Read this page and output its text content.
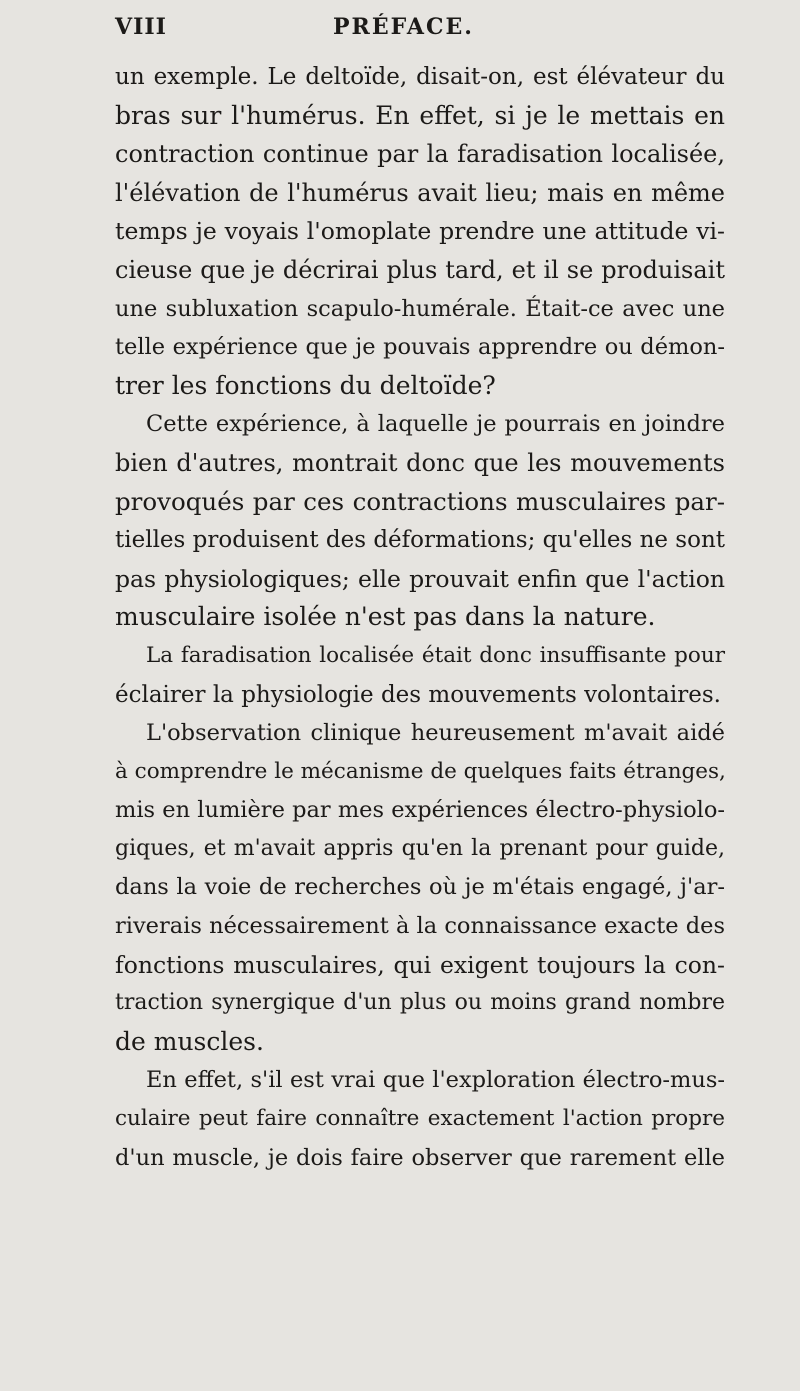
VIII	PRÉFACE.
un exemple. Le deltoïde, disait-on, est élévateur du
bras sur l'humérus. En effet, si je le mettais en
contraction continue par la faradisation localisée,
l'élévation de l'humérus avait lieu; mais en même
temps je voyais l'omoplate prendre une attitude vi-
cieuse que je décrirai plus tard, et il se produisait
une subluxation scapulo-humérale. Était-ce avec une
telle expérience que je pouvais apprendre ou démon-
trer les fonctions du deltoïde?
Cette expérience, à laquelle je pourrais en joindre
bien d'autres, montrait donc que les mouvements
provoqués par ces contractions musculaires par-
tielles produisent des déformations; qu'elles ne sont
pas physiologiques; elle prouvait enfin que l'action
musculaire isolée n'est pas dans la nature.
La faradisation localisée était donc insuffisante pour
éclairer la physiologie des mouvements volontaires.
L'observation clinique heureusement m'avait aidé
à comprendre le mécanisme de quelques faits étranges,
mis en lumière par mes expériences électro-physiolo-
giques, et m'avait appris qu'en la prenant pour guide,
dans la voie de recherches où je m'étais engagé, j'ar-
riverais nécessairement à la connaissance exacte des
fonctions musculaires, qui exigent toujours la con-
traction synergique d'un plus ou moins grand nombre
de muscles.
En effet, s'il est vrai que l'exploration électro-mus-
culaire peut faire connaître exactement l'action propre
d'un muscle, je dois faire observer que rarement elle
